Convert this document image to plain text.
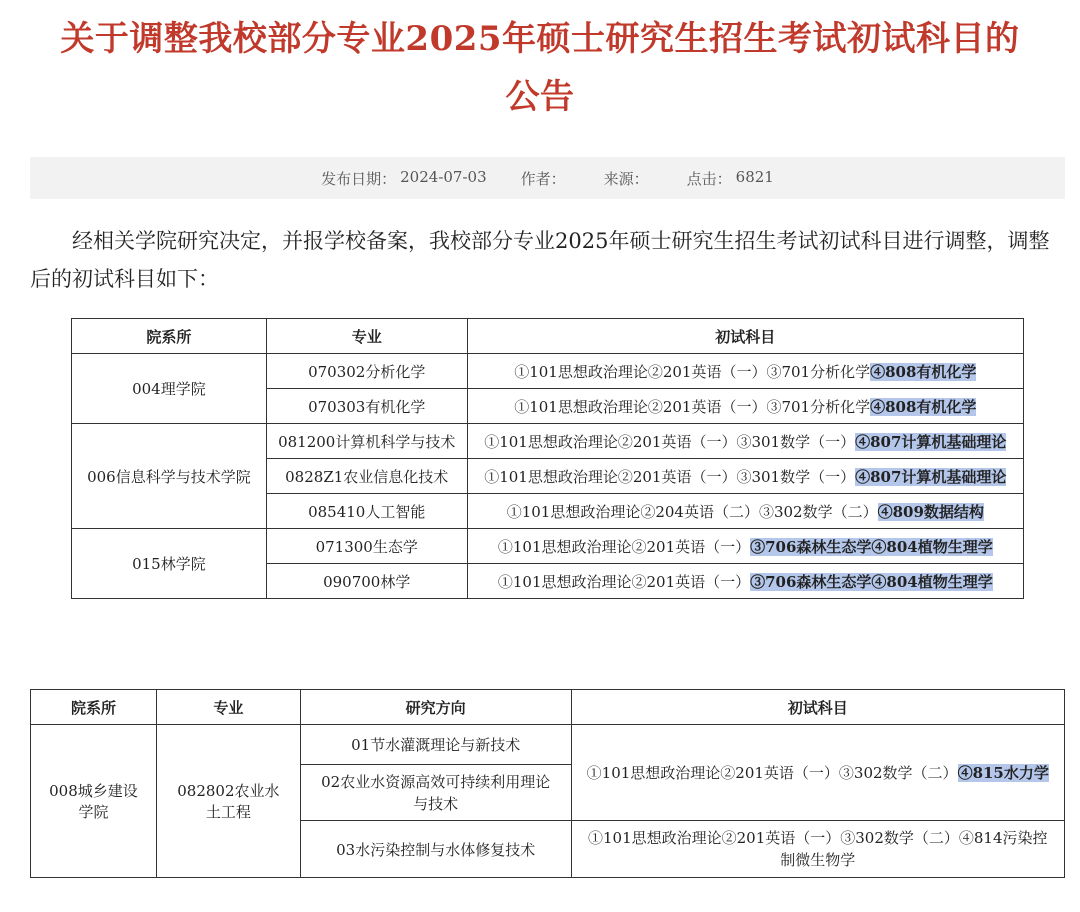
关于调整我校部分专业2025年硕士研究生招生考试初试科目的
公告
发布日期： 2024-07-03 作者：	来源：	点击： 6821

经相关学院研究决定，并报学校备案，我校部分专业2025年硕士研究生招生考试初试科目进行调整，调整后的初试科目如下：

院系所	专业	初试科目
004理学院	070302分析化学	①101思想政治理论②201英语（一）③701分析化学④808有机化学
	070303有机化学	①101思想政治理论②201英语（一）③701分析化学④808有机化学
006信息科学与技术学院	081200计算机科学与技术	①101思想政治理论②201英语（一）③301数学（一）④807计算机基础理论
	0828Z1农业信息化技术	①101思想政治理论②201英语（一）③301数学（一）④807计算机基础理论
	085410人工智能	①101思想政治理论②204英语（二）③302数学（二）④809数据结构
015林学院	071300生态学	①101思想政治理论②201英语（一）③706森林生态学④804植物生理学
	090700林学	①101思想政治理论②201英语（一）③706森林生态学④804植物生理学
院系所	专业	研究方向	初试科目
008城乡建设学院	082802农业水土工程	01节水灌溉理论与新技术	①101思想政治理论②201英语（一）③302数学（二）④815水力学
		02农业水资源高效可持续利用理论与技术	
		03水污染控制与水体修复技术	①101思想政治理论②201英语（一）③302数学（二）④814污染控制微生物学
